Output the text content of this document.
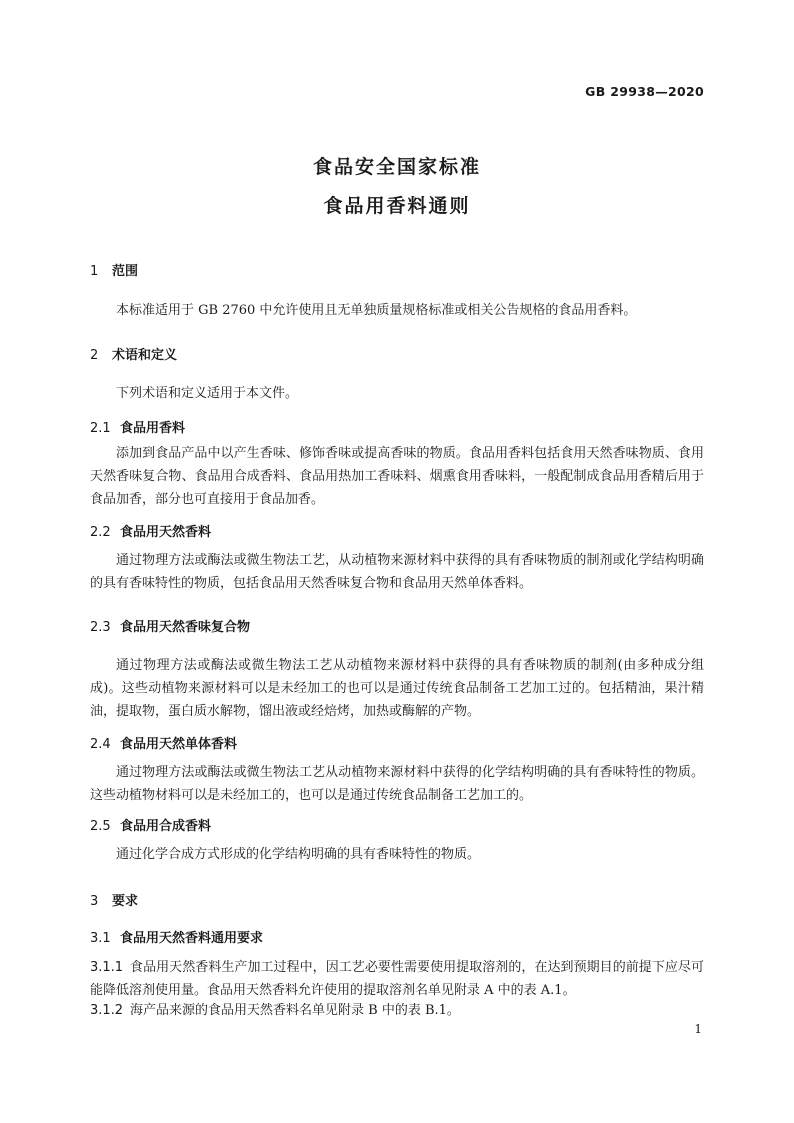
GB 29938—2020
食品安全国家标准
食品用香料通则
1 范围
本标准适用于 GB 2760 中允许使用且无单独质量规格标准或相关公告规格的食品用香料。
2 术语和定义
下列术语和定义适用于本文件。
2.1 食品用香料
添加到食品产品中以产生香味、修饰香味或提高香味的物质。食品用香料包括食用天然香味物质、食用天然香味复合物、食品用合成香料、食品用热加工香味料、烟熏食用香味料，一般配制成食品用香精后用于食品加香，部分也可直接用于食品加香。
2.2 食品用天然香料
通过物理方法或酶法或微生物法工艺，从动植物来源材料中获得的具有香味物质的制剂或化学结构明确的具有香味特性的物质，包括食品用天然香味复合物和食品用天然单体香料。
2.3 食品用天然香味复合物
通过物理方法或酶法或微生物法工艺从动植物来源材料中获得的具有香味物质的制剂(由多种成分组成)。这些动植物来源材料可以是未经加工的也可以是通过传统食品制备工艺加工过的。包括精油，果汁精油，提取物，蛋白质水解物，馏出液或经焙烤，加热或酶解的产物。
2.4 食品用天然单体香料
通过物理方法或酶法或微生物法工艺从动植物来源材料中获得的化学结构明确的具有香味特性的物质。这些动植物材料可以是未经加工的，也可以是通过传统食品制备工艺加工的。
2.5 食品用合成香料
通过化学合成方式形成的化学结构明确的具有香味特性的物质。
3 要求
3.1 食品用天然香料通用要求
3.1.1 食品用天然香料生产加工过程中，因工艺必要性需要使用提取溶剂的，在达到预期目的前提下应尽可能降低溶剂使用量。食品用天然香料允许使用的提取溶剂名单见附录 A 中的表 A.1。
3.1.2 海产品来源的食品用天然香料名单见附录 B 中的表 B.1。
1
